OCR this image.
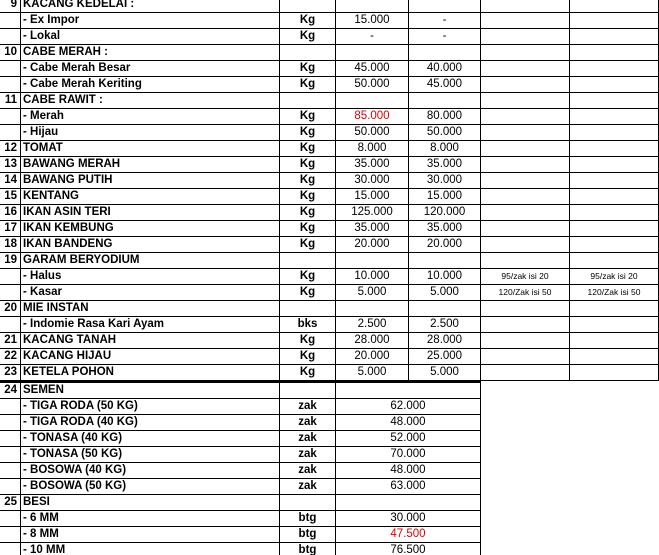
9 KACANG KEDELAI :
- Ex Impor	Kg	15.000	-
- Lokal	Kg	-	-
10 CABE MERAH :
- Cabe Merah Besar	Kg	45.000	40.000
- Cabe Merah Keriting	Kg	50.000	45.000
11 CABE RAWIT :
- Merah	Kg	85.000	80.000
- Hijau	Kg	50.000	50.000
12 TOMAT	Kg	8.000	8.000
13 BAWANG MERAH	Kg	35.000	35.000
14 BAWANG PUTIH	Kg	30.000	30.000
15 KENTANG	Kg	15.000	15.000
16 IKAN ASIN TERI	Kg	125.000	120.000
17 IKAN KEMBUNG	Kg	35.000	35.000
18 IKAN BANDENG	Kg	20.000	20.000
19 GARAM BERYODIUM
- Halus	Kg	10.000	10.000	95/zak isi 20	95/zak isi 20
- Kasar	Kg	5.000	5.000	120/Zak isi 50	120/Zak isi 50
20 MIE INSTAN
- Indomie Rasa Kari Ayam	bks	2.500	2.500
21 KACANG TANAH	Kg	28.000	28.000
22 KACANG HIJAU	Kg	20.000	25.000
23 KETELA POHON	Kg	5.000	5.000
24 SEMEN
- TIGA RODA (50 KG)	zak	62.000
- TIGA RODA (40 KG)	zak	48.000
- TONASA (40 KG)	zak	52.000
- TONASA (50 KG)	zak	70.000
- BOSOWA (40 KG)	zak	48.000
- BOSOWA (50 KG)	zak	63.000
25 BESI
- 6 MM	btg	30.000
- 8 MM	btg	47.500
- 10 MM	btg	76.500
